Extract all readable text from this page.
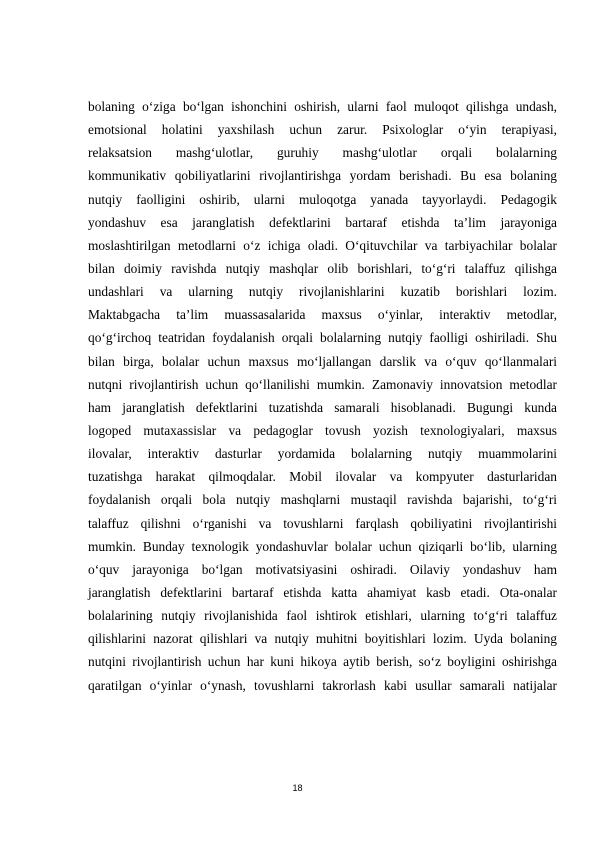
bolaning o‘ziga bo‘lgan ishonchini oshirish, ularni faol muloqot qilishga undash,
emotsional holatini yaxshilash uchun zarur. Psixologlar o‘yin terapiyasi,
relaksatsion mashg‘ulotlar, guruhiy mashg‘ulotlar orqali bolalarning
kommunikativ qobiliyatlarini rivojlantirishga yordam berishadi. Bu esa bolaning
nutqiy faolligini oshirib, ularni muloqotga yanada tayyorlaydi. Pedagogik
yondashuv esa jaranglatish defektlarini bartaraf etishda ta’lim jarayoniga
moslashtirilgan metodlarni o‘z ichiga oladi. O‘qituvchilar va tarbiyachilar bolalar
bilan doimiy ravishda nutqiy mashqlar olib borishlari, to‘g‘ri talaffuz qilishga
undashlari va ularning nutqiy rivojlanishlarini kuzatib borishlari lozim.
Maktabgacha ta’lim muassasalarida maxsus o‘yinlar, interaktiv metodlar,
qo‘g‘irchoq teatridan foydalanish orqali bolalarning nutqiy faolligi oshiriladi. Shu
bilan birga, bolalar uchun maxsus mo‘ljallangan darslik va o‘quv qo‘llanmalari
nutqni rivojlantirish uchun qo‘llanilishi mumkin. Zamonaviy innovatsion metodlar
ham jaranglatish defektlarini tuzatishda samarali hisoblanadi. Bugungi kunda
logoped mutaxassislar va pedagoglar tovush yozish texnologiyalari, maxsus
ilovalar, interaktiv dasturlar yordamida bolalarning nutqiy muammolarini
tuzatishga harakat qilmoqdalar. Mobil ilovalar va kompyuter dasturlaridan
foydalanish orqali bola nutqiy mashqlarni mustaqil ravishda bajarishi, to‘g‘ri
talaffuz qilishni o‘rganishi va tovushlarni farqlash qobiliyatini rivojlantirishi
mumkin. Bunday texnologik yondashuvlar bolalar uchun qiziqarli bo‘lib, ularning
o‘quv jarayoniga bo‘lgan motivatsiyasini oshiradi. Oilaviy yondashuv ham
jaranglatish defektlarini bartaraf etishda katta ahamiyat kasb etadi. Ota-onalar
bolalarining nutqiy rivojlanishida faol ishtirok etishlari, ularning to‘g‘ri talaffuz
qilishlarini nazorat qilishlari va nutqiy muhitni boyitishlari lozim. Uyda bolaning
nutqini rivojlantirish uchun har kuni hikoya aytib berish, so‘z boyligini oshirishga
qaratilgan o‘yinlar o‘ynash, tovushlarni takrorlash kabi usullar samarali natijalar
18
